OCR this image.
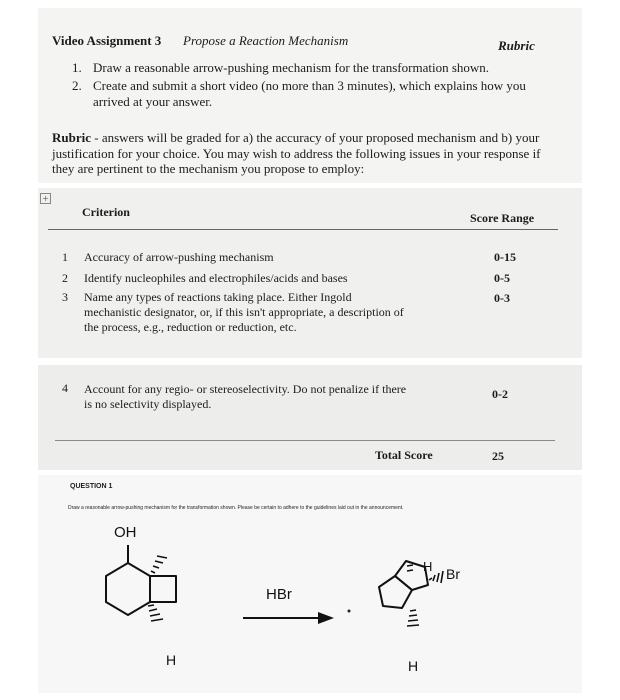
Video Assignment 3 Propose a Reaction Mechanism	Rubric
1. Draw a reasonable arrow-pushing mechanism for the transformation shown.
2. Create and submit a short video (no more than 3 minutes), which explains how you
arrived at your answer.
Rubric - answers will be graded for a) the accuracy of your proposed mechanism and b) your
justification for your choice. You may wish to address the following issues in your response if
they are pertinent to the mechanism you propose to employ:
+
Criterion	Score Range
1 Accuracy of arrow-pushing mechanism	0-15
2 Identify nucleophiles and electrophiles/acids and bases	0-5
3 Name any types of reactions taking place. Either Ingold
mechanistic designator, or, if this isn't appropriate, a description of
the process, e.g., reduction or reduction, etc.
0-3
4 Account for any regio- or stereoselectivity. Do not penalize if there
is no selectivity displayed.
0-2
Total Score	25
QUESTION 1
Draw a reasonable arrow-pushing mechanism for the transformation shown. Please be certain to adhere to the guidelines laid out in the announcement.
OH
H
HBr
H Br
H
